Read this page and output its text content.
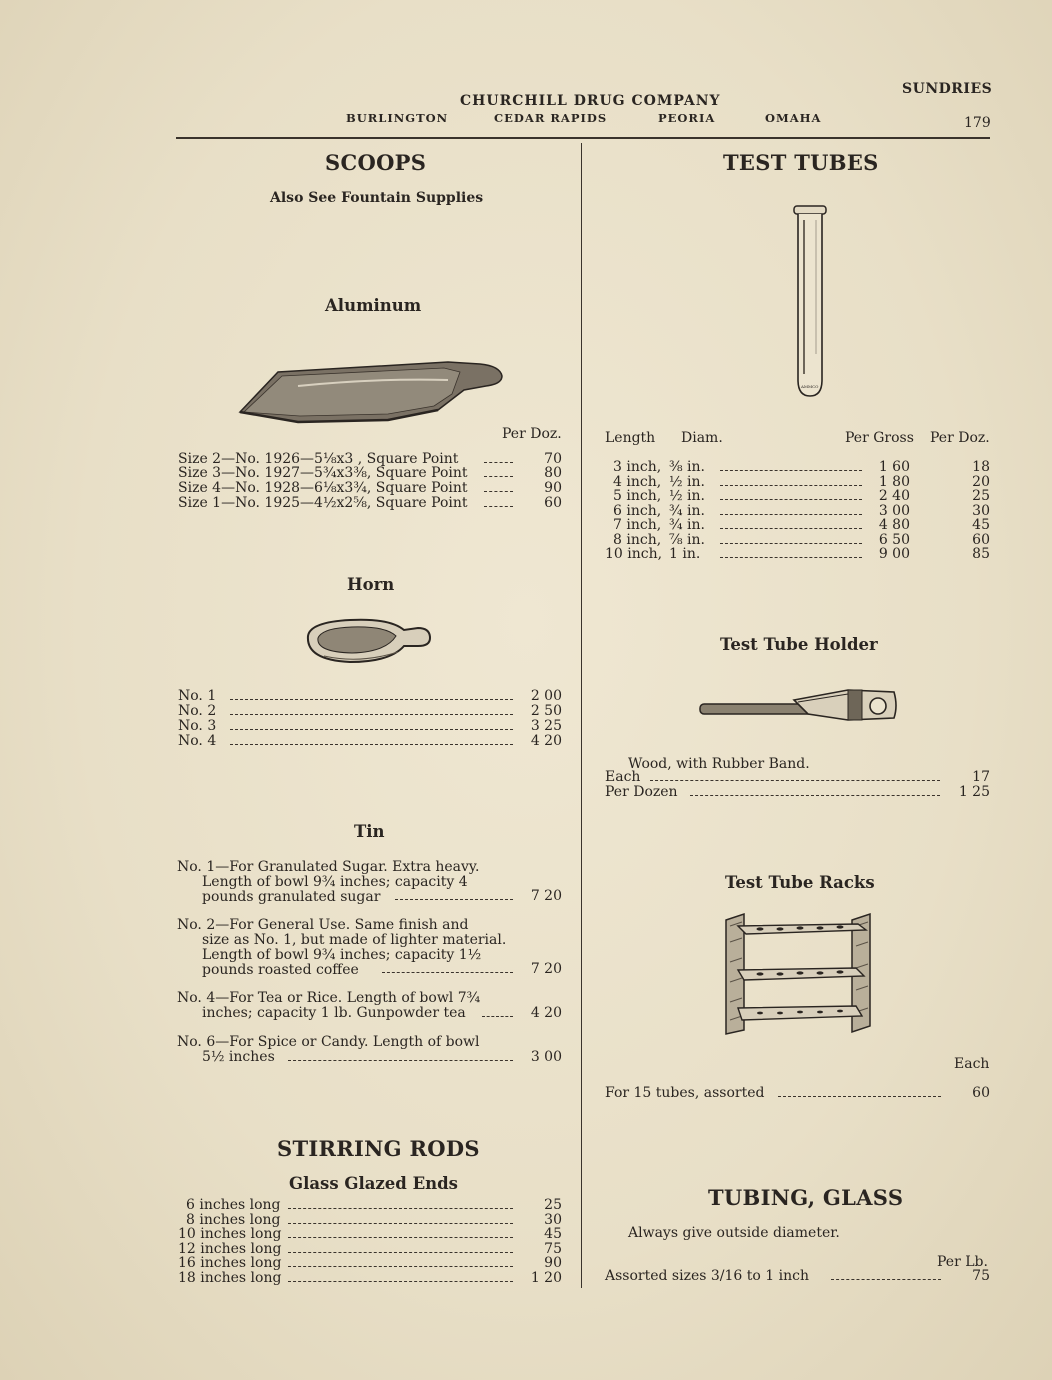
SUNDRIES
CHURCHILL DRUG COMPANY
BURLINGTON	CEDAR RAPIDS	PEORIA	OMAHA	179
SCOOPS
Also See Fountain Supplies
Aluminum
Per Doz.
Size 2—No. 1926—5⅛x3 , Square Point	70
Size 3—No. 1927—5¾x3⅜, Square Point	80
Size 4—No. 1928—6⅛x3¾, Square Point	90
Size 1—No. 1925—4½x2⅝, Square Point	60
Horn
No. 1	2 00
No. 2	2 50
No. 3	3 25
No. 4	4 20
Tin
No. 1—For Granulated Sugar. Extra heavy.
Length of bowl 9¾ inches; capacity 4
pounds granulated sugar	7 20
No. 2—For General Use. Same finish and
size as No. 1, but made of lighter material.
Length of bowl 9¾ inches; capacity 1½
pounds roasted coffee	7 20
No. 4—For Tea or Rice. Length of bowl 7¾
inches; capacity 1 lb. Gunpowder tea	4 20
No. 6—For Spice or Candy. Length of bowl
5½ inches	3 00
STIRRING RODS
Glass Glazed Ends
6 inches long	25
8 inches long	30
10 inches long	45
12 inches long	75
16 inches long	90
18 inches long	1 20
TEST TUBES
AMMCO
Length Diam.	Per Gross Per Doz.
3 inch, ⅜ in.	1 60	18
4 inch, ½ in.	1 80	20
5 inch, ½ in.	2 40	25
6 inch, ¾ in.	3 00	30
7 inch, ¾ in.	4 80	45
8 inch, ⅞ in.	6 50	60
10 inch, 1 in.	9 00	85
Test Tube Holder
Wood, with Rubber Band.
Each	17
Per Dozen	1 25
Test Tube Racks
Each
For 15 tubes, assorted	60
TUBING, GLASS
Always give outside diameter.
Per Lb.
Assorted sizes 3/16 to 1 inch	75
